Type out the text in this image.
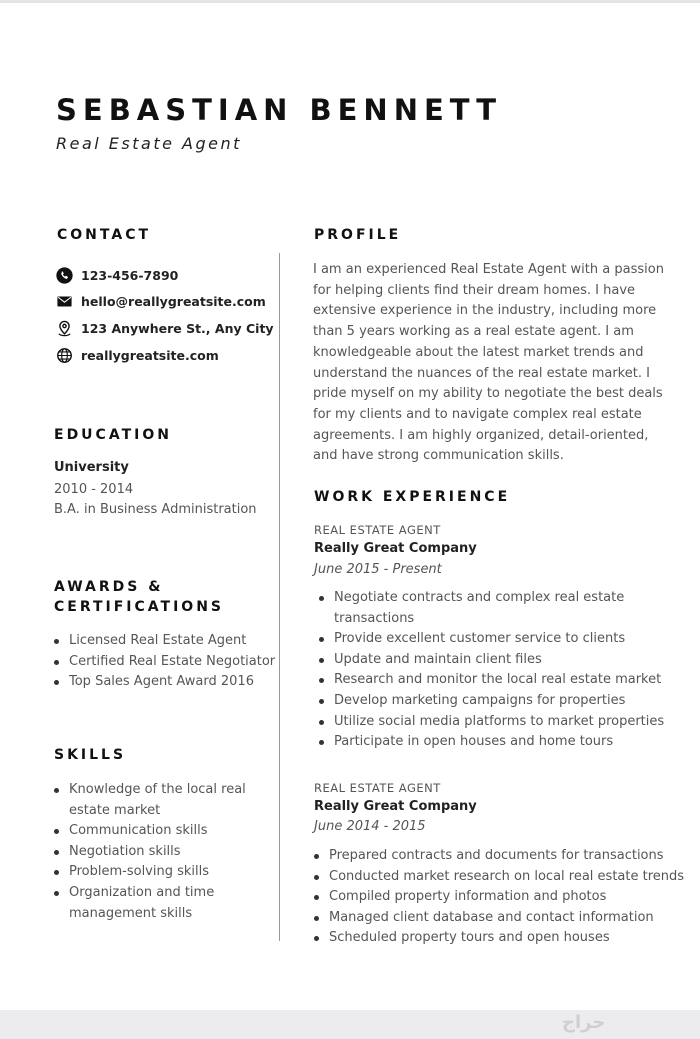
SEBASTIAN BENNETT

Real Estate Agent

CONTACT
123-456-7890
hello@reallygreatsite.com
123 Anywhere St., Any City
reallygreatsite.com
EDUCATION

University

2010 - 2014

B.A. in Business Administration

AWARDS &
CERTIFICATIONS
Licensed Real Estate Agent
Certified Real Estate Negotiator
Top Sales Agent Award 2016
SKILLS
Knowledge of the local real
estate market
Communication skills
Negotiation skills
Problem-solving skills
Organization and time
management skills
PROFILE

I am an experienced Real Estate Agent with a passion for helping clients find their dream homes. I have extensive experience in the industry, including more than 5 years working as a real estate agent. I am knowledgeable about the latest market trends and understand the nuances of the real estate market. I pride myself on my ability to negotiate the best deals for my clients and to navigate complex real estate agreements. I am highly organized, detail-oriented, and have strong communication skills.

WORK EXPERIENCE

REAL ESTATE AGENT

Really Great Company

June 2015 - Present

Negotiate contracts and complex real estate
transactions
Provide excellent customer service to clients
Update and maintain client files
Research and monitor the local real estate market
Develop marketing campaigns for properties
Utilize social media platforms to market properties
Participate in open houses and home tours

REAL ESTATE AGENT

Really Great Company

June 2014 - 2015

Prepared contracts and documents for transactions
Conducted market research on local real estate trends
Compiled property information and photos
Managed client database and contact information
Scheduled property tours and open houses
حراج
